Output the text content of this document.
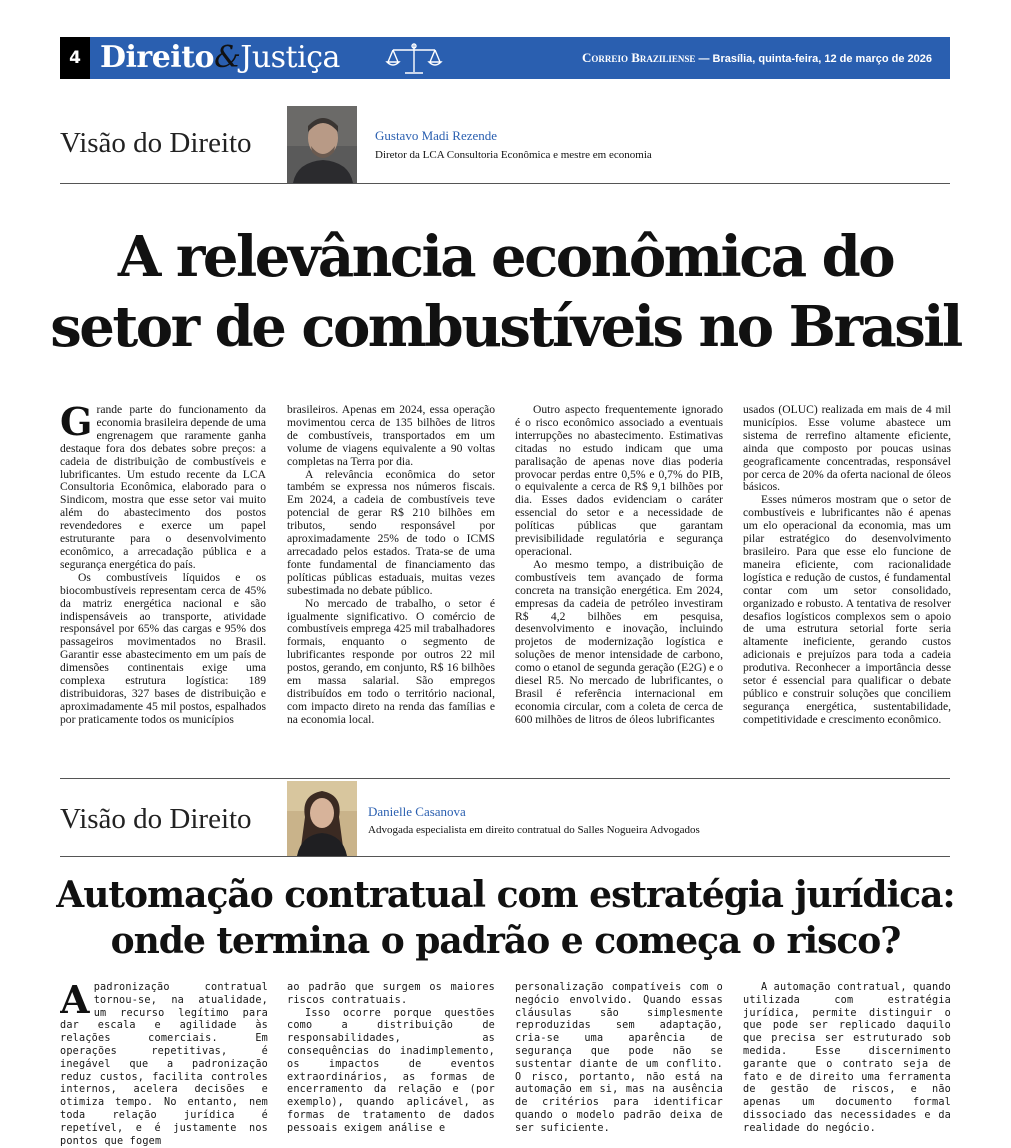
4 Direito&Justiça	Correio Braziliense — Brasília, quinta-feira, 12 de março de 2026
Visão do Direito	Gustavo Madi Rezende
Diretor da LCA Consultoria Econômica e mestre em economia
A relevância econômica do
setor de combustíveis no Brasil

Grande parte do funcionamento da economia brasileira depende de uma engrenagem que raramente ganha destaque fora dos debates sobre preços: a cadeia de distribuição de combustíveis e lubrificantes. Um estudo recente da LCA Consultoria Econômica, elaborado para o Sindicom, mostra que esse setor vai muito além do abastecimento dos postos revendedores e exerce um papel estruturante para o desenvolvimento econômico, a arrecadação pública e a segurança energética do país.

Os combustíveis líquidos e os biocombustíveis representam cerca de 45% da matriz energética nacional e são indispensáveis ao transporte, atividade responsável por 65% das cargas e 95% dos passageiros movimentados no Brasil. Garantir esse abastecimento em um país de dimensões continentais exige uma complexa estrutura logística: 189 distribuidoras, 327 bases de distribuição e aproximadamente 45 mil postos, espalhados por praticamente todos os municípios

brasileiros. Apenas em 2024, essa operação movimentou cerca de 135 bilhões de litros de combustíveis, transportados em um volume de viagens equivalente a 90 voltas completas na Terra por dia.

A relevância econômica do setor também se expressa nos números fiscais. Em 2024, a cadeia de combustíveis teve potencial de gerar R$ 210 bilhões em tributos, sendo responsável por aproximadamente 25% de todo o ICMS arrecadado pelos estados. Trata-se de uma fonte fundamental de financiamento das políticas públicas estaduais, muitas vezes subestimada no debate público.

No mercado de trabalho, o setor é igualmente significativo. O comércio de combustíveis emprega 425 mil trabalhadores formais, enquanto o segmento de lubrificantes responde por outros 22 mil postos, gerando, em conjunto, R$ 16 bilhões em massa salarial. São empregos distribuídos em todo o território nacional, com impacto direto na renda das famílias e na economia local.

Outro aspecto frequentemente ignorado é o risco econômico associado a eventuais interrupções no abastecimento. Estimativas citadas no estudo indicam que uma paralisação de apenas nove dias poderia provocar perdas entre 0,5% e 0,7% do PIB, o equivalente a cerca de R$ 9,1 bilhões por dia. Esses dados evidenciam o caráter essencial do setor e a necessidade de políticas públicas que garantam previsibilidade regulatória e segurança operacional.

Ao mesmo tempo, a distribuição de combustíveis tem avançado de forma concreta na transição energética. Em 2024, empresas da cadeia de petróleo investiram R$ 4,2 bilhões em pesquisa, desenvolvimento e inovação, incluindo projetos de modernização logística e soluções de menor intensidade de carbono, como o etanol de segunda geração (E2G) e o diesel R5. No mercado de lubrificantes, o Brasil é referência internacional em economia circular, com a coleta de cerca de 600 milhões de litros de óleos lubrificantes

usados (OLUC) realizada em mais de 4 mil municípios. Esse volume abastece um sistema de rerrefino altamente eficiente, ainda que composto por poucas usinas geograficamente concentradas, responsável por cerca de 20% da oferta nacional de óleos básicos.

Esses números mostram que o setor de combustíveis e lubrificantes não é apenas um elo operacional da economia, mas um pilar estratégico do desenvolvimento brasileiro. Para que esse elo funcione de maneira eficiente, com racionalidade logística e redução de custos, é fundamental contar com um setor consolidado, organizado e robusto. A tentativa de resolver desafios logísticos complexos sem o apoio de uma estrutura setorial forte seria altamente ineficiente, gerando custos adicionais e prejuízos para toda a cadeia produtiva. Reconhecer a importância desse setor é essencial para qualificar o debate público e construir soluções que conciliem segurança energética, sustentabilidade, competitividade e crescimento econômico.

Visão do Direito	Danielle Casanova
Advogada especialista em direito contratual do Salles Nogueira Advogados
Automação contratual com estratégia jurídica:
onde termina o padrão e começa o risco?

Apadronização contratual tornou-se, na atualidade, um recurso legítimo para dar escala e agilidade às relações comerciais. Em operações repetitivas, é inegável que a padronização reduz custos, facilita controles internos, acelera decisões e otimiza tempo. No entanto, nem toda relação jurídica é repetível, e é justamente nos pontos que fogem

ao padrão que surgem os maiores riscos contratuais.

Isso ocorre porque questões como a distribuição de responsabilidades, as consequências do inadimplemento, os impactos de eventos extraordinários, as formas de encerramento da relação e (por exemplo), quando aplicável, as formas de tratamento de dados pessoais exigem análise e

personalização compatíveis com o negócio envolvido. Quando essas cláusulas são simplesmente reproduzidas sem adaptação, cria-se uma aparência de segurança que pode não se sustentar diante de um conflito. O risco, portanto, não está na automação em si, mas na ausência de critérios para identificar quando o modelo padrão deixa de ser suficiente.

A automação contratual, quando utilizada com estratégia jurídica, permite distinguir o que pode ser replicado daquilo que precisa ser estruturado sob medida. Esse discernimento garante que o contrato seja de fato e de direito uma ferramenta de gestão de riscos, e não apenas um documento formal dissociado das necessidades e da realidade do negócio.
